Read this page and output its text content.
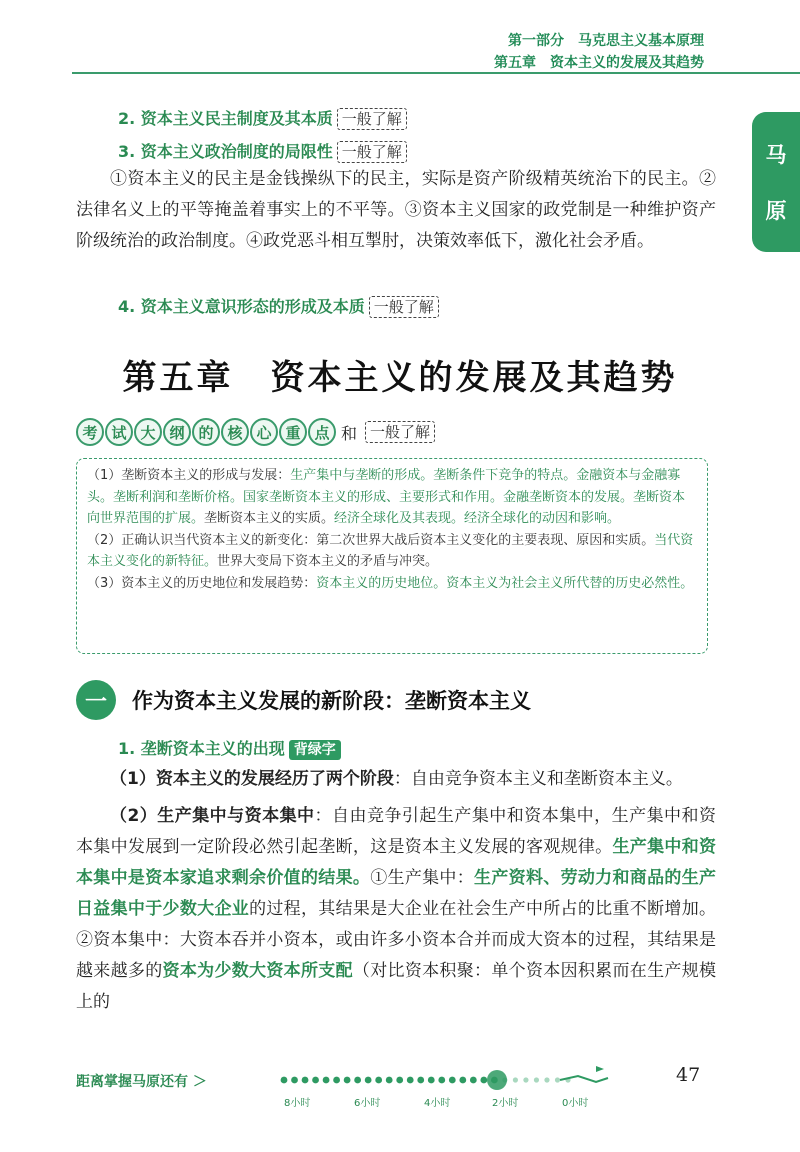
第一部分　马克思主义基本原理
第五章　资本主义的发展及其趋势
马
原
2. 资本主义民主制度及其本质 一般了解
3. 资本主义政治制度的局限性 一般了解

①资本主义的民主是金钱操纵下的民主，实际是资产阶级精英统治下的民主。②法律名义上的平等掩盖着事实上的不平等。③资本主义国家的政党制是一种维护资产阶级统治的政治制度。④政党恶斗相互掣肘，决策效率低下，激化社会矛盾。

4. 资本主义意识形态的形成及本质 一般了解
第五章　资本主义的发展及其趋势
考 试 大 纲 的 核 心 重 点 和 一般了解
（1）垄断资本主义的形成与发展：生产集中与垄断的形成。垄断条件下竞争的特点。金融资本与金融寡头。垄断利润和垄断价格。国家垄断资本主义的形成、主要形式和作用。金融垄断资本的发展。垄断资本向世界范围的扩展。垄断资本主义的实质。经济全球化及其表现。经济全球化的动因和影响。
（2）正确认识当代资本主义的新变化：第二次世界大战后资本主义变化的主要表现、原因和实质。当代资本主义变化的新特征。世界大变局下资本主义的矛盾与冲突。
（3）资本主义的历史地位和发展趋势：资本主义的历史地位。资本主义为社会主义所代替的历史必然性。
一	作为资本主义发展的新阶段：垄断资本主义
1. 垄断资本主义的出现 背绿字

（1）资本主义的发展经历了两个阶段：自由竞争资本主义和垄断资本主义。

（2）生产集中与资本集中：自由竞争引起生产集中和资本集中，生产集中和资本集中发展到一定阶段必然引起垄断，这是资本主义发展的客观规律。生产集中和资本集中是资本家追求剩余价值的结果。①生产集中：生产资料、劳动力和商品的生产日益集中于少数大企业的过程，其结果是大企业在社会生产中所占的比重不断增加。②资本集中：大资本吞并小资本，或由许多小资本合并而成大资本的过程，其结果是越来越多的资本为少数大资本所支配（对比资本积聚：单个资本因积累而在生产规模上的

距离掌握马原还有 ＞
8小时	6小时	4小时	2小时	0小时
47
